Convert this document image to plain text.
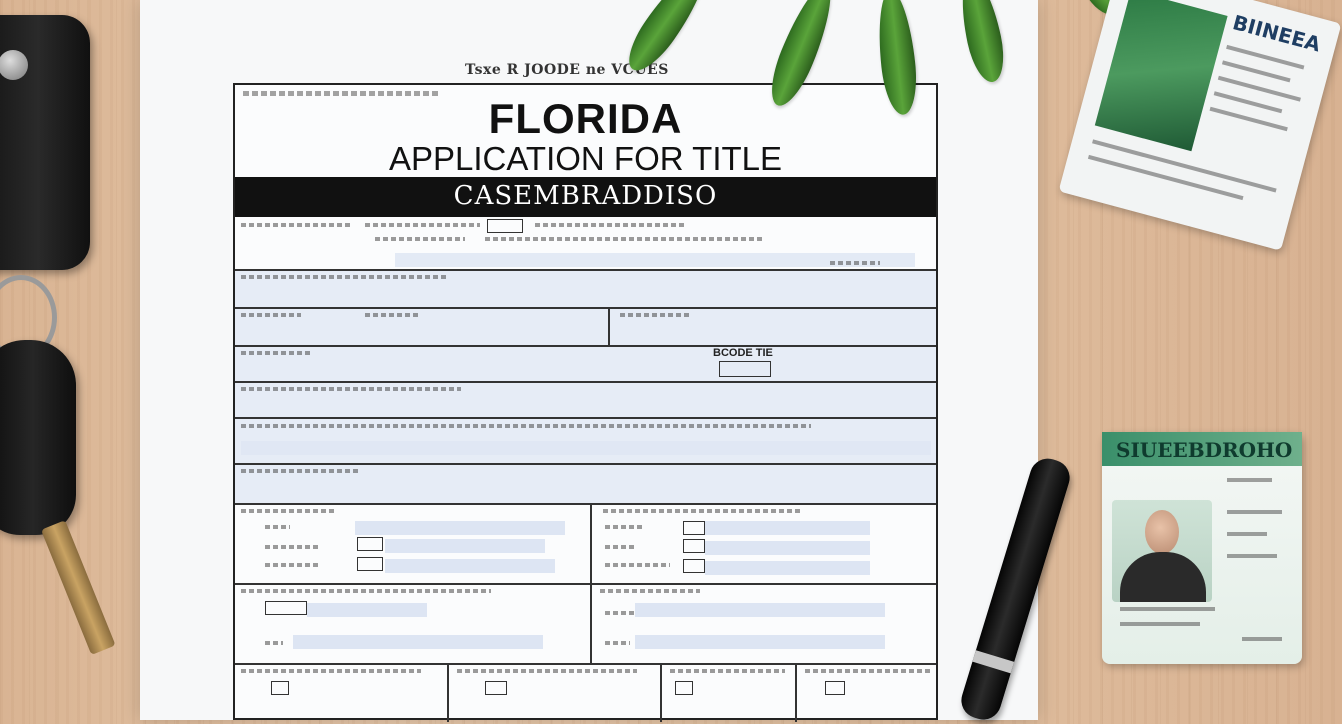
Tsxe R JOODE ne VCUES
FLORIDA
APPLICATION FOR TITLE
CASEMBRADDISO
BCODE TIE
BIINEEA
SIUEEBDROHO
